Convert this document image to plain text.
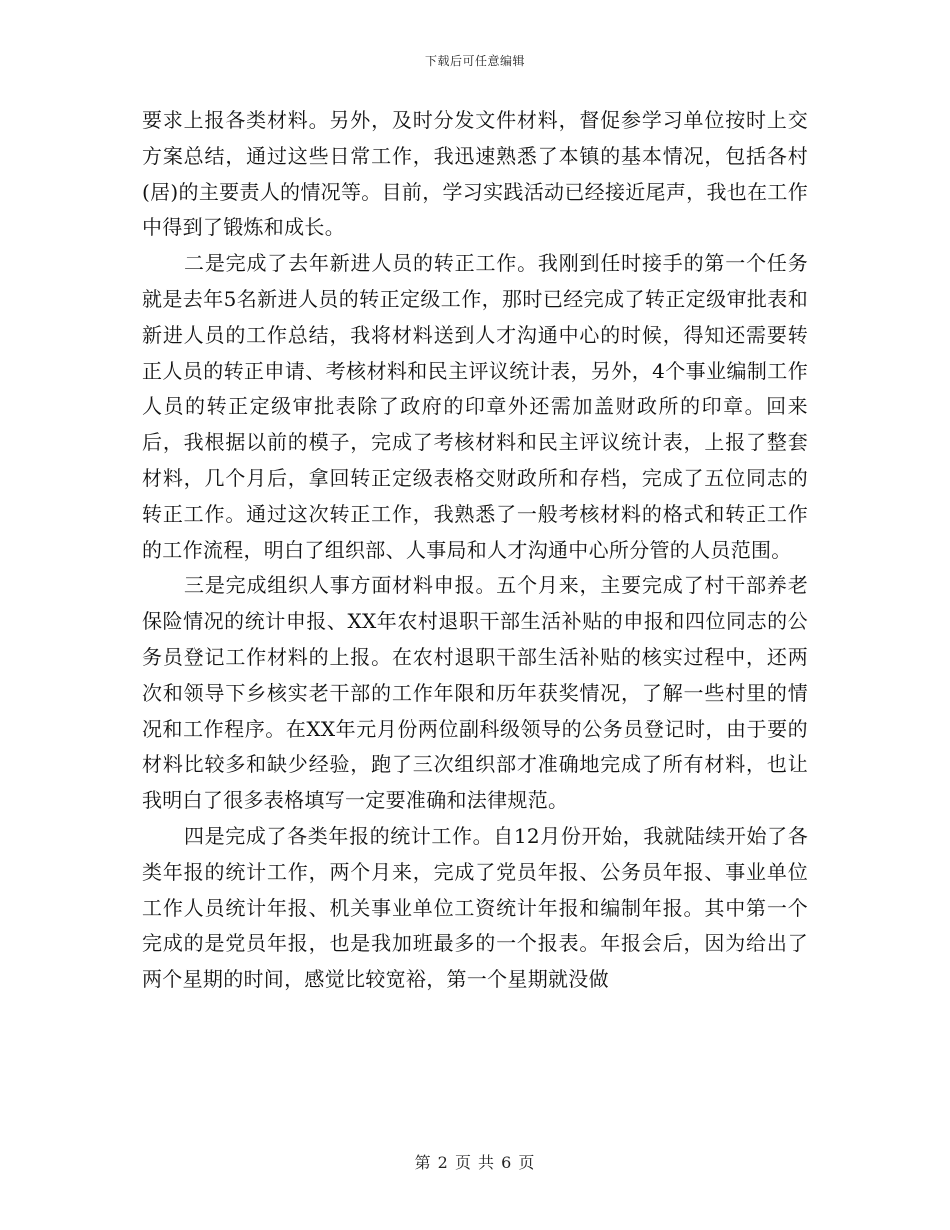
下载后可任意编辑

要求上报各类材料。另外，及时分发文件材料，督促参学习单位按时上交方案总结，通过这些日常工作，我迅速熟悉了本镇的基本情况，包括各村(居)的主要责人的情况等。目前，学习实践活动已经接近尾声，我也在工作中得到了锻炼和成长。

二是完成了去年新进人员的转正工作。我刚到任时接手的第一个任务就是去年5名新进人员的转正定级工作，那时已经完成了转正定级审批表和新进人员的工作总结，我将材料送到人才沟通中心的时候，得知还需要转正人员的转正申请、考核材料和民主评议统计表，另外，4个事业编制工作人员的转正定级审批表除了政府的印章外还需加盖财政所的印章。回来后，我根据以前的模子，完成了考核材料和民主评议统计表，上报了整套材料，几个月后，拿回转正定级表格交财政所和存档，完成了五位同志的转正工作。通过这次转正工作，我熟悉了一般考核材料的格式和转正工作的工作流程，明白了组织部、人事局和人才沟通中心所分管的人员范围。

三是完成组织人事方面材料申报。五个月来，主要完成了村干部养老保险情况的统计申报、XX年农村退职干部生活补贴的申报和四位同志的公务员登记工作材料的上报。在农村退职干部生活补贴的核实过程中，还两次和领导下乡核实老干部的工作年限和历年获奖情况，了解一些村里的情况和工作程序。在XX年元月份两位副科级领导的公务员登记时，由于要的材料比较多和缺少经验，跑了三次组织部才准确地完成了所有材料，也让我明白了很多表格填写一定要准确和法律规范。

四是完成了各类年报的统计工作。自12月份开始，我就陆续开始了各类年报的统计工作，两个月来，完成了党员年报、公务员年报、事业单位工作人员统计年报、机关事业单位工资统计年报和编制年报。其中第一个完成的是党员年报，也是我加班最多的一个报表。年报会后，因为给出了两个星期的时间，感觉比较宽裕，第一个星期就没做

第 2 页 共 6 页
